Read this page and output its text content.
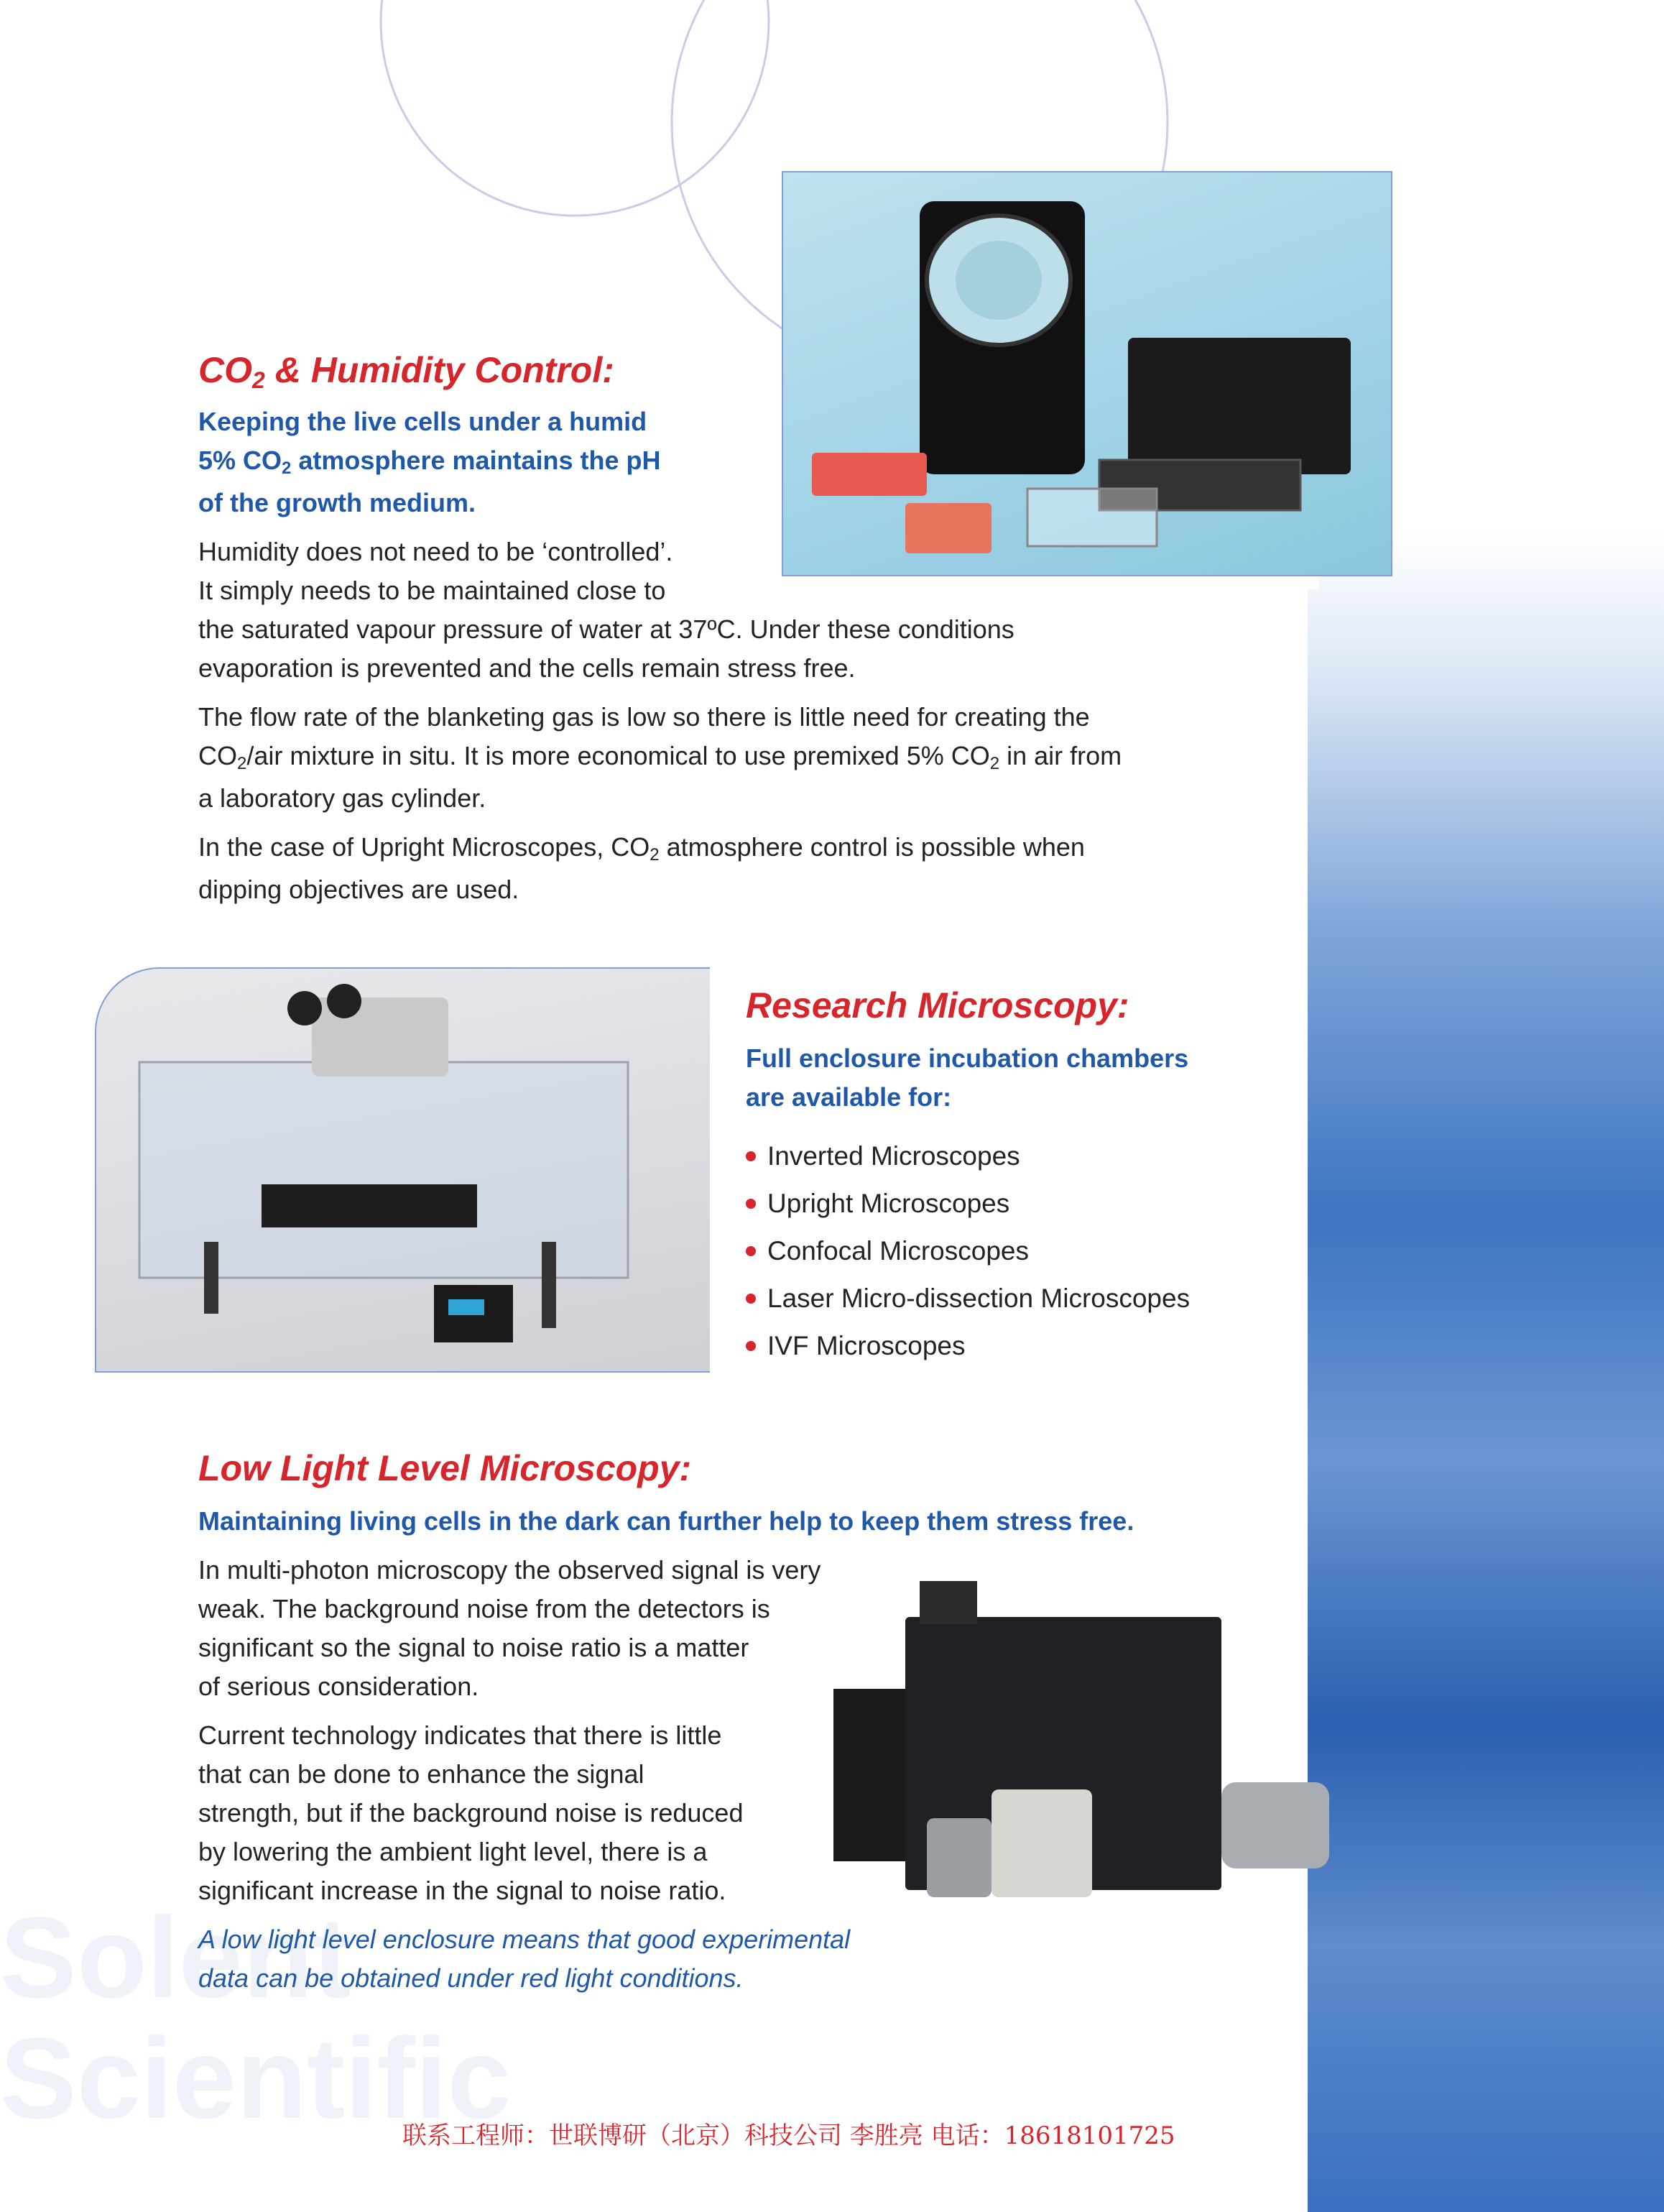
Solent
Scientific
$CO_2$ & Humidity Control:
Keeping the live cells under a humid
5% $CO_2$ atmosphere maintains the pH
of the growth medium.

Humidity does not need to be ‘controlled’.
It simply needs to be maintained close to
the saturated vapour pressure of water at 37ºC. Under these conditions
evaporation is prevented and the cells remain stress free.

The flow rate of the blanketing gas is low so there is little need for creating the
$CO_2$/air mixture in situ. It is more economical to use premixed 5% $CO_2$ in air from
a laboratory gas cylinder.

In the case of Upright Microscopes, $CO_2$ atmosphere control is possible when
dipping objectives are used.

Research Microscopy:
Full enclosure incubation chambers
are available for:
Inverted Microscopes
Upright Microscopes
Confocal Microscopes
Laser Micro-dissection Microscopes
IVF Microscopes
Low Light Level Microscopy:
Maintaining living cells in the dark can further help to keep them stress free.

In multi-photon microscopy the observed signal is very
weak. The background noise from the detectors is
significant so the signal to noise ratio is a matter
of serious consideration.

Current technology indicates that there is little
that can be done to enhance the signal
strength, but if the background noise is reduced
by lowering the ambient light level, there is a
significant increase in the signal to noise ratio.

A low light level enclosure means that good experimental
data can be obtained under red light conditions.

联系工程师：世联博研（北京）科技公司 李胜亮 电话：18618101725
